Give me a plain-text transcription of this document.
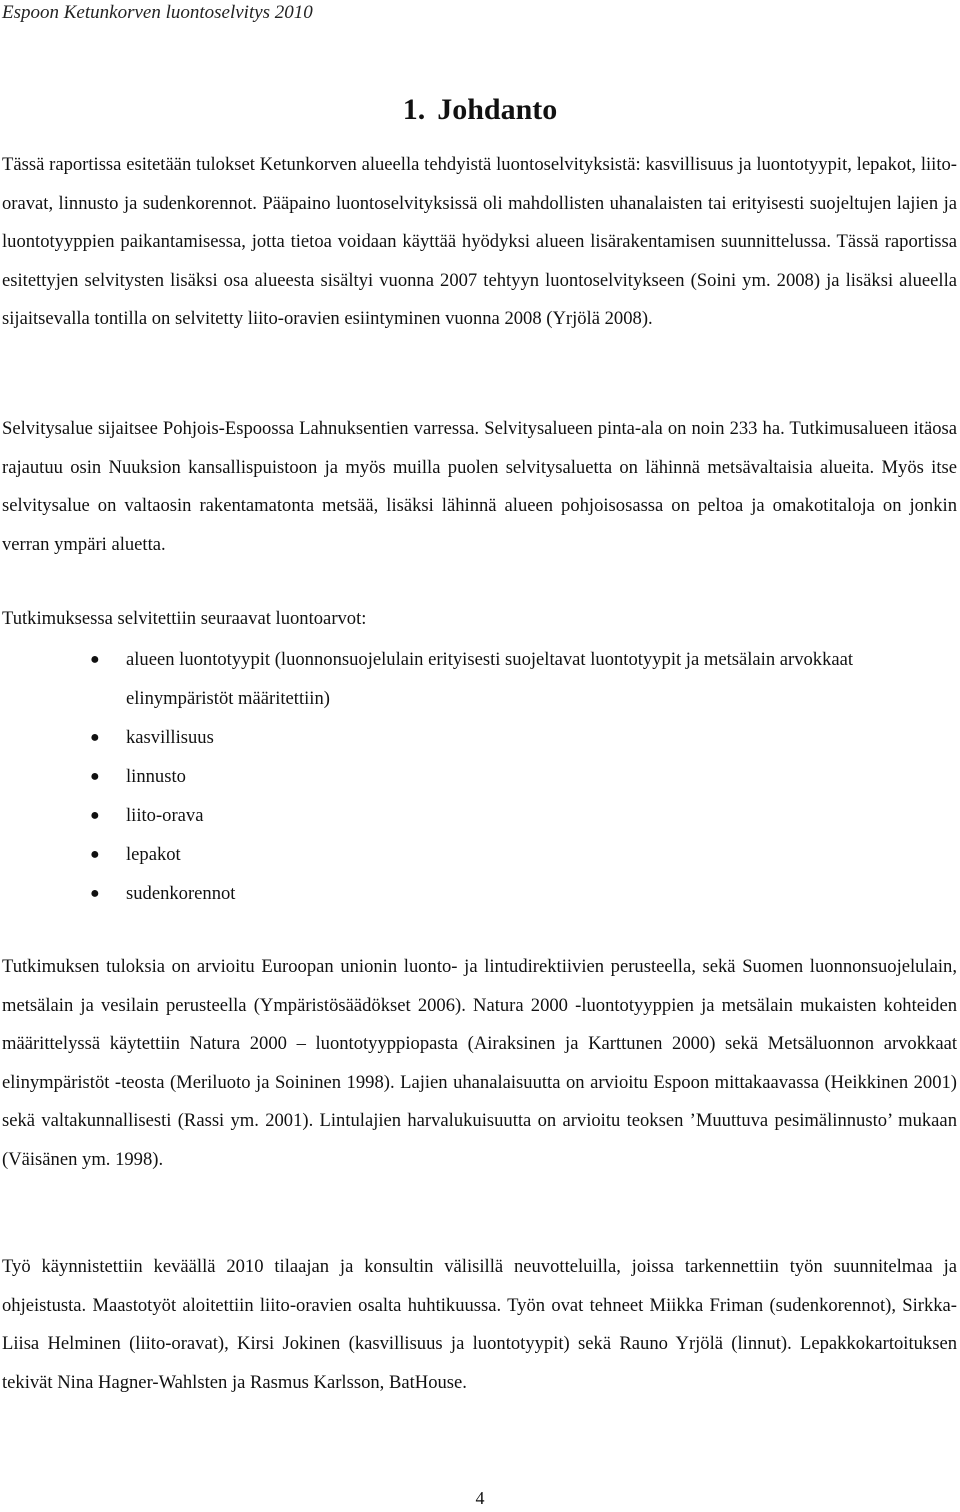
Espoon Ketunkorven luontoselvitys 2010
1. Johdanto

Tässä raportissa esitetään tulokset Ketunkorven alueella tehdyistä luontoselvityksistä: kasvillisuus ja luontotyypit, lepakot, liito-oravat, linnusto ja sudenkorennot. Pääpaino luontoselvityksissä oli mahdollisten uhanalaisten tai erityisesti suojeltujen lajien ja luontotyyppien paikantamisessa, jotta tietoa voidaan käyttää hyödyksi alueen lisärakentamisen suunnittelussa. Tässä raportissa esitettyjen selvitysten lisäksi osa alueesta sisältyi vuonna 2007 tehtyyn luontoselvitykseen (Soini ym. 2008) ja lisäksi alueella sijaitsevalla tontilla on selvitetty liito-oravien esiintyminen vuonna 2008 (Yrjölä 2008).

Selvitysalue sijaitsee Pohjois-Espoossa Lahnuksentien varressa. Selvitysalueen pinta-ala on noin 233 ha. Tutkimusalueen itäosa rajautuu osin Nuuksion kansallispuistoon ja myös muilla puolen selvitysaluetta on lähinnä metsävaltaisia alueita. Myös itse selvitysalue on valtaosin rakentamatonta metsää, lisäksi lähinnä alueen pohjoisosassa on peltoa ja omakotitaloja on jonkin verran ympäri aluetta.

Tutkimuksessa selvitettiin seuraavat luontoarvot:

● alueen luontotyypit (luonnonsuojelulain erityisesti suojeltavat luontotyypit ja metsälain arvokkaat elinympäristöt määritettiin)
● kasvillisuus
● linnusto
● liito-orava
● lepakot
● sudenkorennot

Tutkimuksen tuloksia on arvioitu Euroopan unionin luonto- ja lintudirektiivien perusteella, sekä Suomen luonnonsuojelulain, metsälain ja vesilain perusteella (Ympäristösäädökset 2006). Natura 2000 -luontotyyppien ja metsälain mukaisten kohteiden määrittelyssä käytettiin Natura 2000 – luontotyyppiopasta (Airaksinen ja Karttunen 2000) sekä Metsäluonnon arvokkaat elinympäristöt -teosta (Meriluoto ja Soininen 1998). Lajien uhanalaisuutta on arvioitu Espoon mittakaavassa (Heikkinen 2001) sekä valtakunnallisesti (Rassi ym. 2001). Lintulajien harvalukuisuutta on arvioitu teoksen ’Muuttuva pesimälinnusto’ mukaan (Väisänen ym. 1998).

Työ käynnistettiin keväällä 2010 tilaajan ja konsultin välisillä neuvotteluilla, joissa tarkennettiin työn suunnitelmaa ja ohjeistusta. Maastotyöt aloitettiin liito-oravien osalta huhtikuussa. Työn ovat tehneet Miikka Friman (sudenkorennot), Sirkka-Liisa Helminen (liito-oravat), Kirsi Jokinen (kasvillisuus ja luontotyypit) sekä Rauno Yrjölä (linnut). Lepakkokartoituksen tekivät Nina Hagner-Wahlsten ja Rasmus Karlsson, BatHouse.

4
